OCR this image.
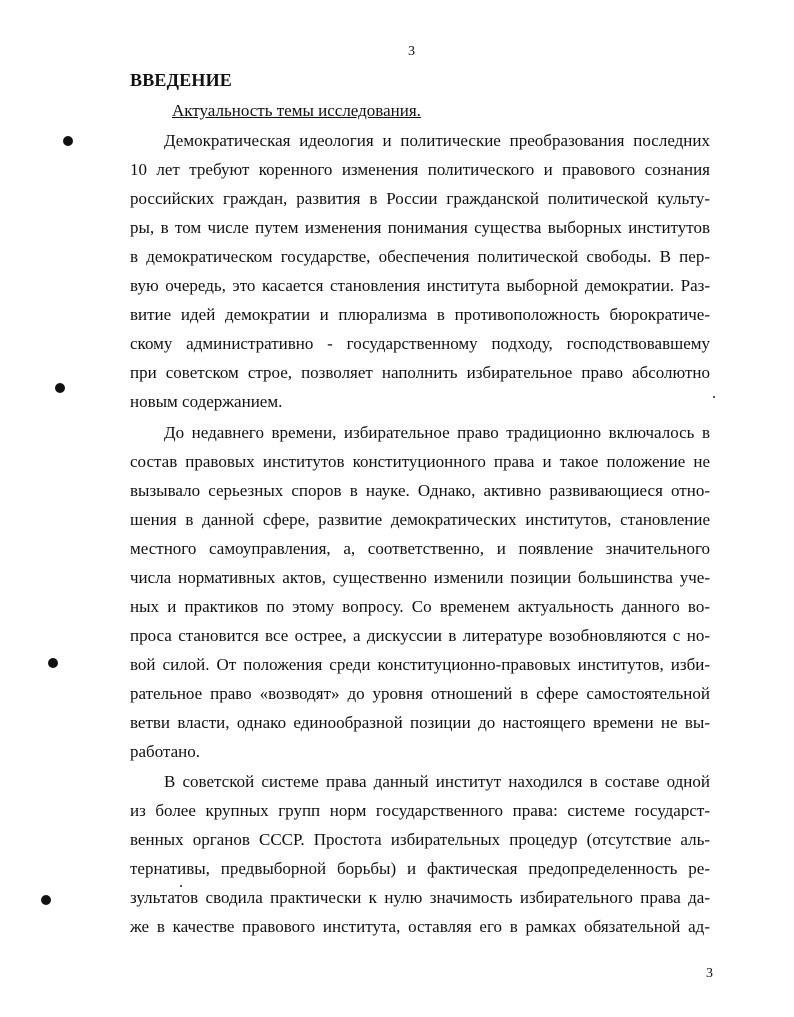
3
ВВЕДЕНИЕ
Актуальность темы исследования.
Демократическая идеология и политические преобразования последних
10 лет требуют коренного изменения политического и правового сознания
российских граждан, развития в России гражданской политической культу-
ры, в том числе путем изменения понимания существа выборных институтов
в демократическом государстве, обеспечения политической свободы. В пер-
вую очередь, это касается становления института выборной демократии. Раз-
витие идей демократии и плюрализма в противоположность бюрократиче-
скому административно - государственному подходу, господствовавшему
при советском строе, позволяет наполнить избирательное право абсолютно
новым содержанием.
До недавнего времени, избирательное право традиционно включалось в
состав правовых институтов конституционного права и такое положение не
вызывало серьезных споров в науке. Однако, активно развивающиеся отно-
шения в данной сфере, развитие демократических институтов, становление
местного самоуправления, а, соответственно, и появление значительного
числа нормативных актов, существенно изменили позиции большинства уче-
ных и практиков по этому вопросу. Со временем актуальность данного во-
проса становится все острее, а дискуссии в литературе возобновляются с но-
вой силой. От положения среди конституционно-правовых институтов, изби-
рательное право «возводят» до уровня отношений в сфере самостоятельной
ветви власти, однако единообразной позиции до настоящего времени не вы-
работано.
В советской системе права данный институт находился в составе одной
из более крупных групп норм государственного права: системе государст-
венных органов СССР. Простота избирательных процедур (отсутствие аль-
тернативы, предвыборной борьбы) и фактическая предопределенность ре-
зультатов сводила практически к нулю значимость избирательного права да-
же в качестве правового института, оставляя его в рамках обязательной ад-
3
